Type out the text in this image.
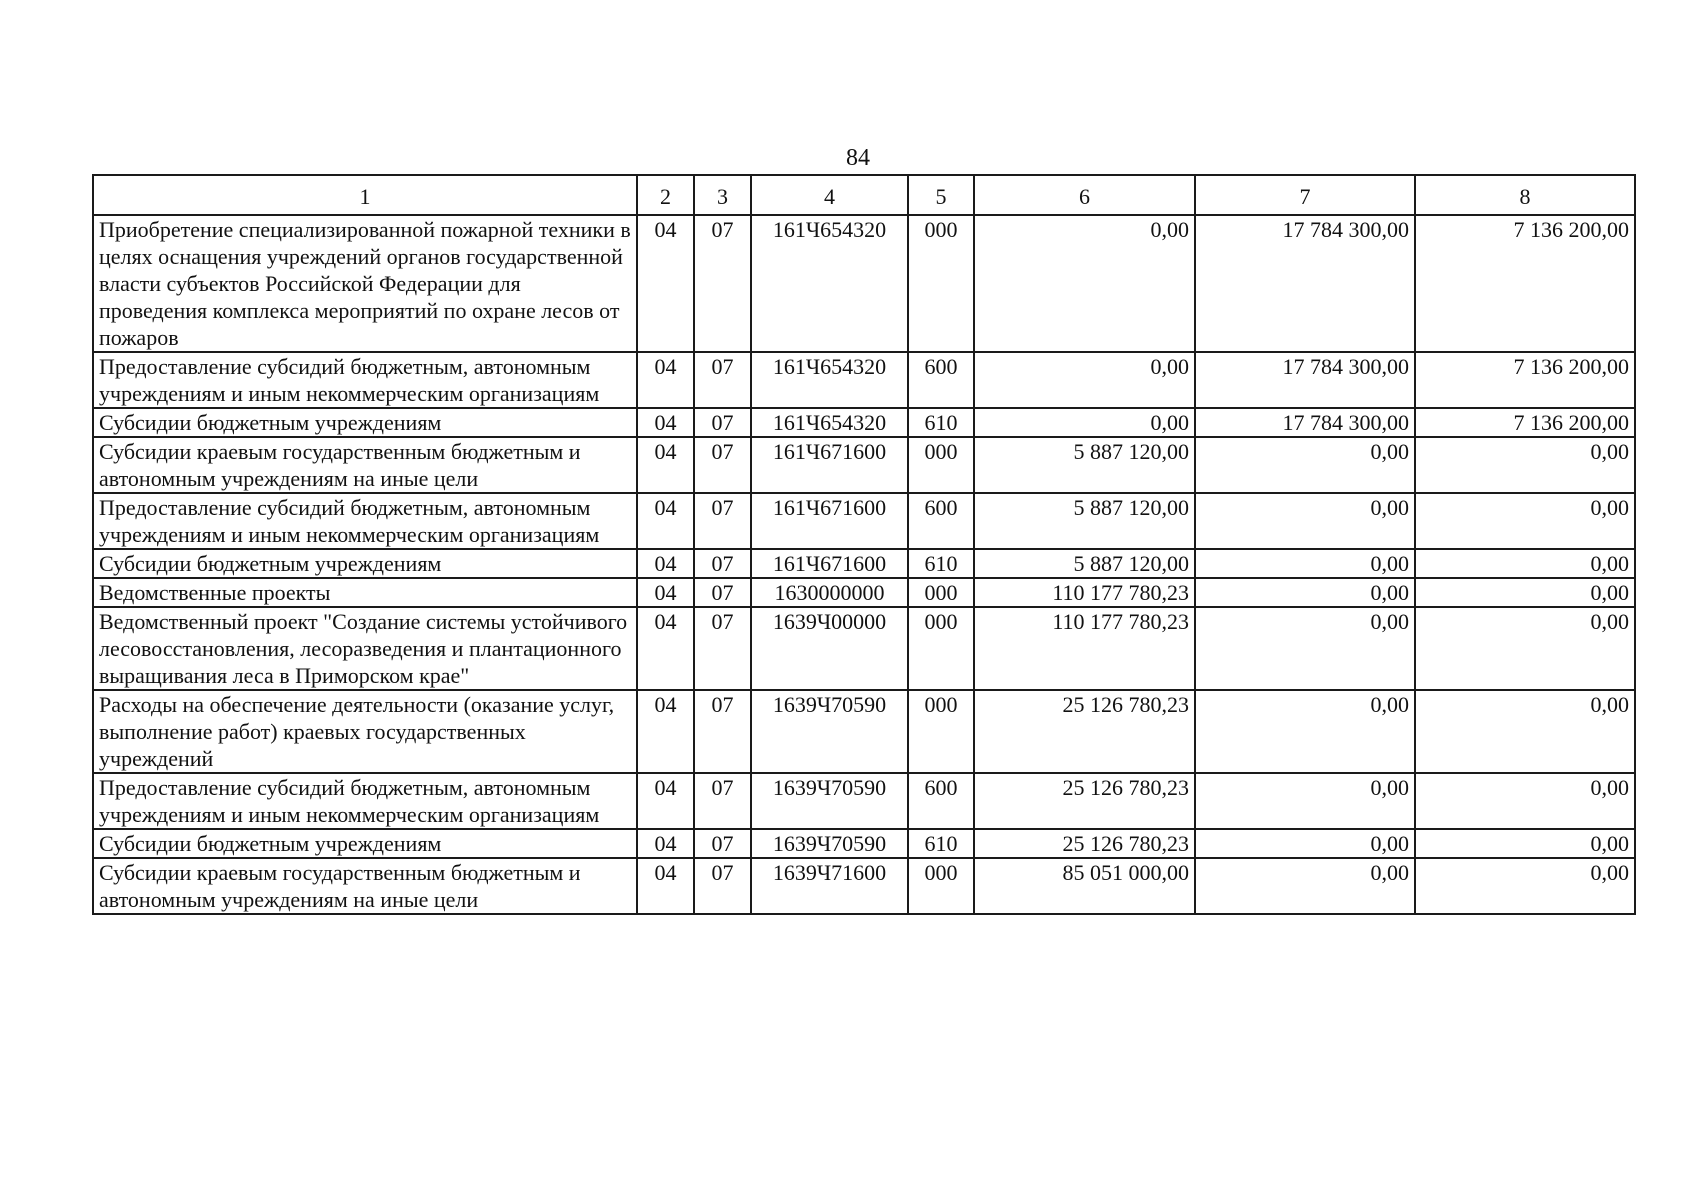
84
1	2	3	4	5	6	7	8
Приобретение специализированной пожарной техники в целях оснащения учреждений органов государственной власти субъектов Российской Федерации для проведения комплекса мероприятий по охране лесов от пожаров	04	07	161Ч654320	000	0,00	17 784 300,00	7 136 200,00
Предоставление субсидий бюджетным, автономным учреждениям и иным некоммерческим организациям	04	07	161Ч654320	600	0,00	17 784 300,00	7 136 200,00
Субсидии бюджетным учреждениям	04	07	161Ч654320	610	0,00	17 784 300,00	7 136 200,00
Субсидии краевым государственным бюджетным и автономным учреждениям на иные цели	04	07	161Ч671600	000	5 887 120,00	0,00	0,00
Предоставление субсидий бюджетным, автономным учреждениям и иным некоммерческим организациям	04	07	161Ч671600	600	5 887 120,00	0,00	0,00
Субсидии бюджетным учреждениям	04	07	161Ч671600	610	5 887 120,00	0,00	0,00
Ведомственные проекты	04	07	1630000000	000	110 177 780,23	0,00	0,00
Ведомственный проект "Создание системы устойчивого лесовосстановления, лесоразведения и плантационного выращивания леса в Приморском крае"	04	07	1639Ч00000	000	110 177 780,23	0,00	0,00
Расходы на обеспечение деятельности (оказание услуг, выполнение работ) краевых государственных учреждений	04	07	1639Ч70590	000	25 126 780,23	0,00	0,00
Предоставление субсидий бюджетным, автономным учреждениям и иным некоммерческим организациям	04	07	1639Ч70590	600	25 126 780,23	0,00	0,00
Субсидии бюджетным учреждениям	04	07	1639Ч70590	610	25 126 780,23	0,00	0,00
Субсидии краевым государственным бюджетным и автономным учреждениям на иные цели	04	07	1639Ч71600	000	85 051 000,00	0,00	0,00
